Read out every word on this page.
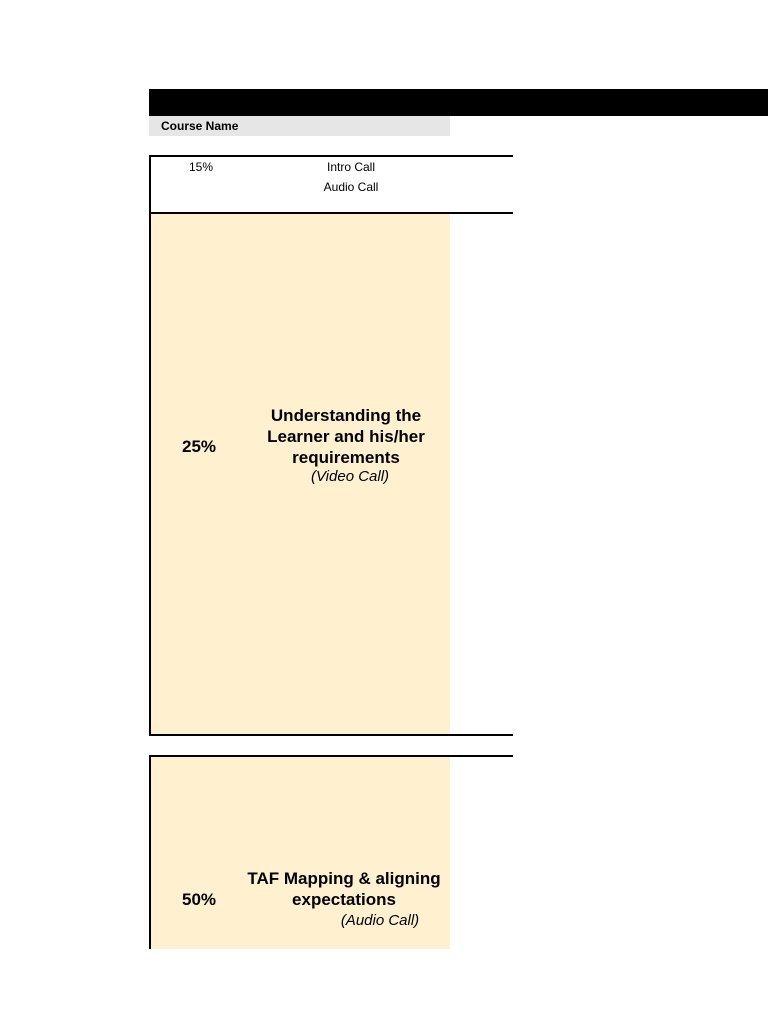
Course Name
15%	Intro Call
Audio Call
25%
Understanding the Learner and his/her requirements
(Video Call)
50%
TAF Mapping & aligning expectations
(Audio Call)
